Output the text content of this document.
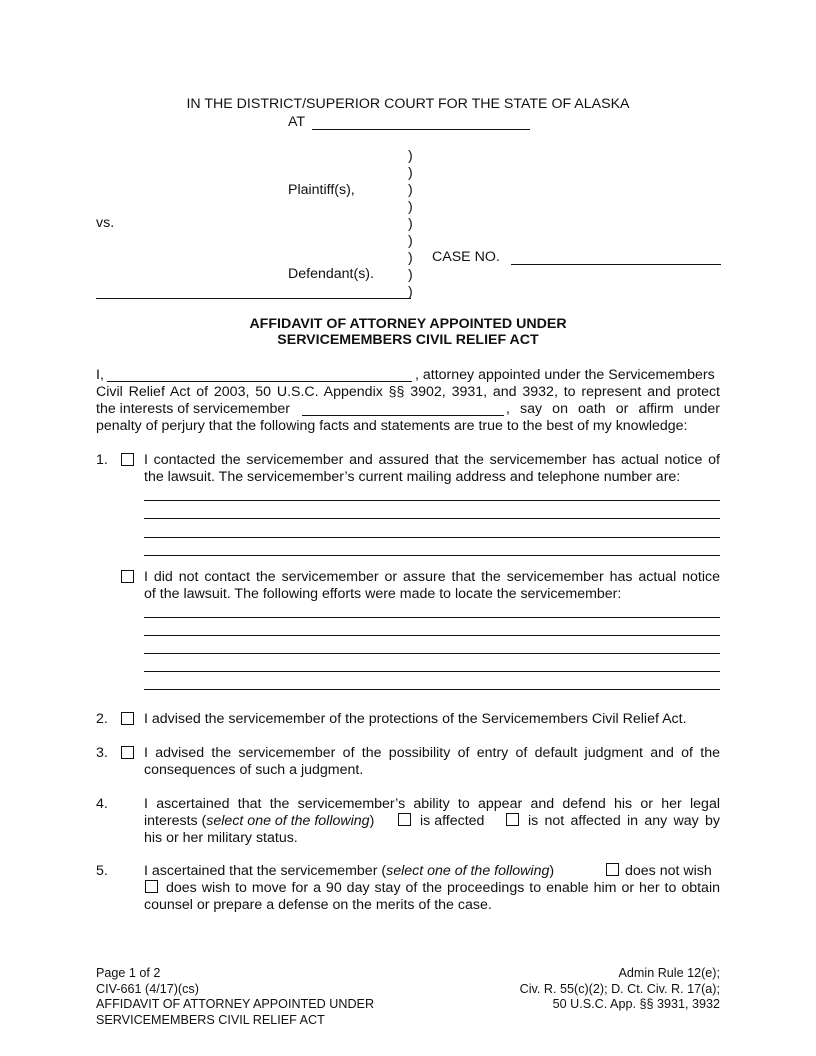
IN THE DISTRICT/SUPERIOR COURT FOR THE STATE OF ALASKA
AT
)
)
)
)
)
)
)
)
)
Plaintiff(s),
vs.
Defendant(s).
CASE NO.
AFFIDAVIT OF ATTORNEY APPOINTED UNDER
SERVICEMEMBERS CIVIL RELIEF ACT
I,	, attorney appointed under the Servicemembers
Civil Relief Act of 2003, 50 U.S.C. Appendix §§ 3902, 3931, and 3932, to represent and protect
the interests of servicemember	, say on oath or affirm under
penalty of perjury that the following facts and statements are true to the best of my knowledge:
1.	I contacted the servicemember and assured that the servicemember has actual notice of
the lawsuit. The servicemember’s current mailing address and telephone number are:
I did not contact the servicemember or assure that the servicemember has actual notice
of the lawsuit. The following efforts were made to locate the servicemember:
2.	I advised the servicemember of the protections of the Servicemembers Civil Relief Act.
3.	I advised the servicemember of the possibility of entry of default judgment and of the
consequences of such a judgment.
4.	I ascertained that the servicemember’s ability to appear and defend his or her legal
interests (select one of the following)	is affected	is not affected in any way by
his or her military status.
5.	I ascertained that the servicemember (select one of the following)	does not wish
does wish to move for a 90 day stay of the proceedings to enable him or her to obtain
counsel or prepare a defense on the merits of the case.
Page 1 of 2
CIV-661 (4/17)(cs)
AFFIDAVIT OF ATTORNEY APPOINTED UNDER
SERVICEMEMBERS CIVIL RELIEF ACT
Admin Rule 12(e);
Civ. R. 55(c)(2); D. Ct. Civ. R. 17(a);
50 U.S.C. App. §§ 3931, 3932
